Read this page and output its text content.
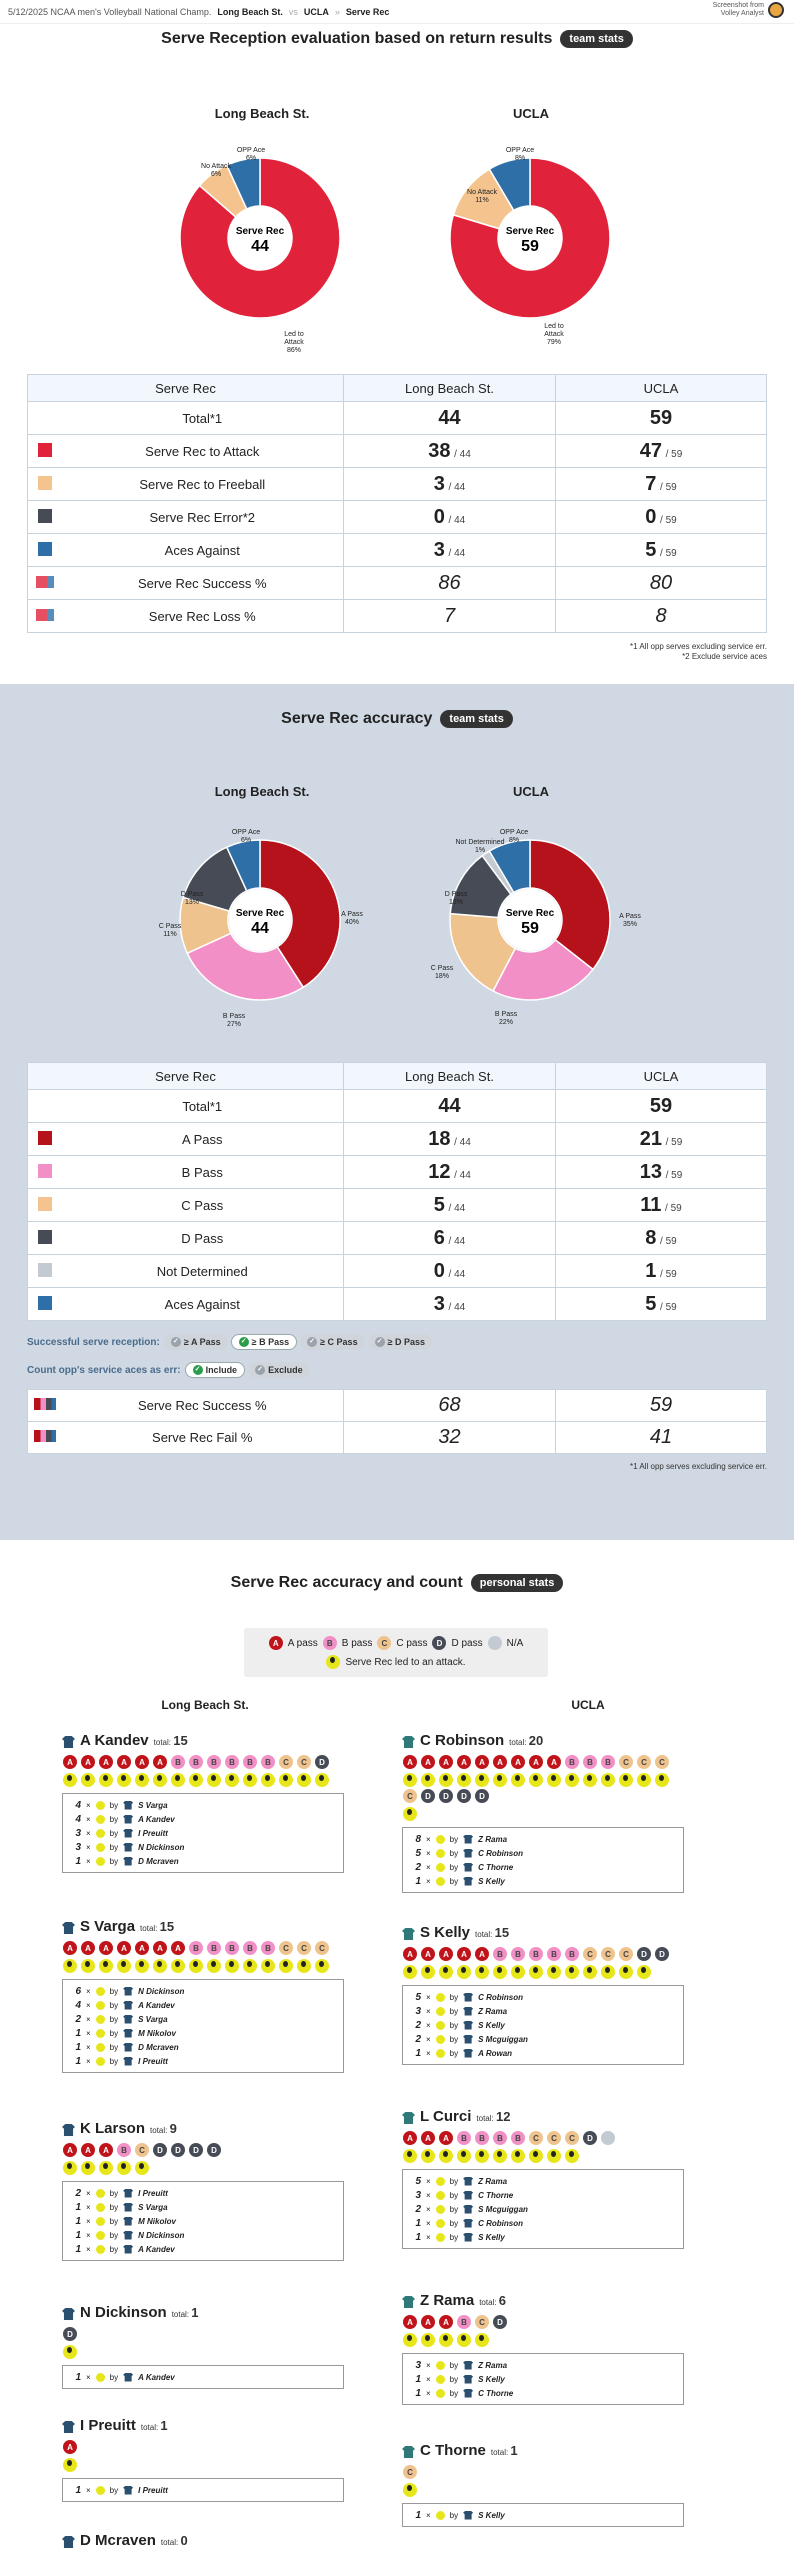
5/12/2025 NCAA men's Volleyball National Champ. Long Beach St. vs UCLA » Serve Rec
Screenshot from
Volley Analyst
Serve Reception evaluation based on return results	team stats
Long Beach St.	UCLA
Serve Rec
44
OPP Ace 6%
No Attack 6%
Led to Attack 86%
Serve Rec
59
OPP Ace 8%
No Attack 11%
Led to Attack 79%
Serve Rec		Long Beach St.	UCLA
	Total*1	44	59
	Serve Rec to Attack	38 / 44	47 / 59
	Serve Rec to Freeball	3 / 44	7 / 59
	Serve Rec Error*2	0 / 44	0 / 59
	Aces Against	3 / 44	5 / 59
	Serve Rec Success %	86	80
	Serve Rec Loss %	7	8
*1 All opp serves excluding service err.
*2 Exclude service aces
Serve Rec accuracy	team stats
Long Beach St.	UCLA
Serve Rec
44
OPP Ace 6%
D Pass 13%
C Pass 11%
B Pass 27%
A Pass 40%
Serve Rec
59
OPP Ace 8%
Not Determined 1%
D Pass 13%
C Pass 18%
B Pass 22%
A Pass 35%
Serve Rec		Long Beach St.	UCLA
	Total*1	44	59
	A Pass	18 / 44	21 / 59
	B Pass	12 / 44	13 / 59
	C Pass	5 / 44	11 / 59
	D Pass	6 / 44	8 / 59
	Not Determined	0 / 44	1 / 59
	Aces Against	3 / 44	5 / 59
Successful serve reception: ✓ ≥ A Pass	✓ ≥ B Pass	✓ ≥ C Pass	✓ ≥ D Pass
Count opp's service aces as err: ✓ Include	✓ Exclude
	Serve Rec Success %	68	59
	Serve Rec Fail %	32	41
*1 All opp serves excluding service err.
Serve Rec accuracy and count	personal stats
A A pass	B B pass	C C pass	D D pass N/A
Serve Rec led to an attack.
Long Beach St.	UCLA
A Kandev total: 15
A	A	A	A	A	A	B	B	B	B	B	B	C	C	D
4 × by	S Varga
4 × by	A Kandev
3 × by	I Preuitt
3 × by	N Dickinson
1 × by	D Mcraven
S Varga total: 15
A	A	A	A	A	A	A	B	B	B	B	B	C	C	C
6 × by	N Dickinson
4 × by	A Kandev
2 × by	S Varga
1 × by	M Nikolov
1 × by	D Mcraven
1 × by	I Preuitt
K Larson total: 9
A	A	A	B	C	D	D	D	D
2 × by	I Preuitt
1 × by	S Varga
1 × by	M Nikolov
1 × by	N Dickinson
1 × by	A Kandev
N Dickinson total: 1
D
1 × by	A Kandev
I Preuitt total: 1
A
1 × by	I Preuitt
D Mcraven total: 0
C Robinson total: 20
A	A	A	A	A	A	A	A	A	B	B	B	C	C	C
C	D	D	D	D
8 × by	Z Rama
5 × by	C Robinson
2 × by	C Thorne
1 × by	S Kelly
S Kelly total: 15
A	A	A	A	A	B	B	B	B	B	C	C	C	D	D
5 × by	C Robinson
3 × by	Z Rama
2 × by	S Kelly
2 × by	S Mcguiggan
1 × by	A Rowan
L Curci total: 12
A	A	A	B	B	B	B	C	C	C	D
5 × by	Z Rama
3 × by	C Thorne
2 × by	S Mcguiggan
1 × by	C Robinson
1 × by	S Kelly
Z Rama total: 6
A	A	A	B	C	D
3 × by	Z Rama
1 × by	S Kelly
1 × by	C Thorne
C Thorne total: 1
C
1 × by	S Kelly
